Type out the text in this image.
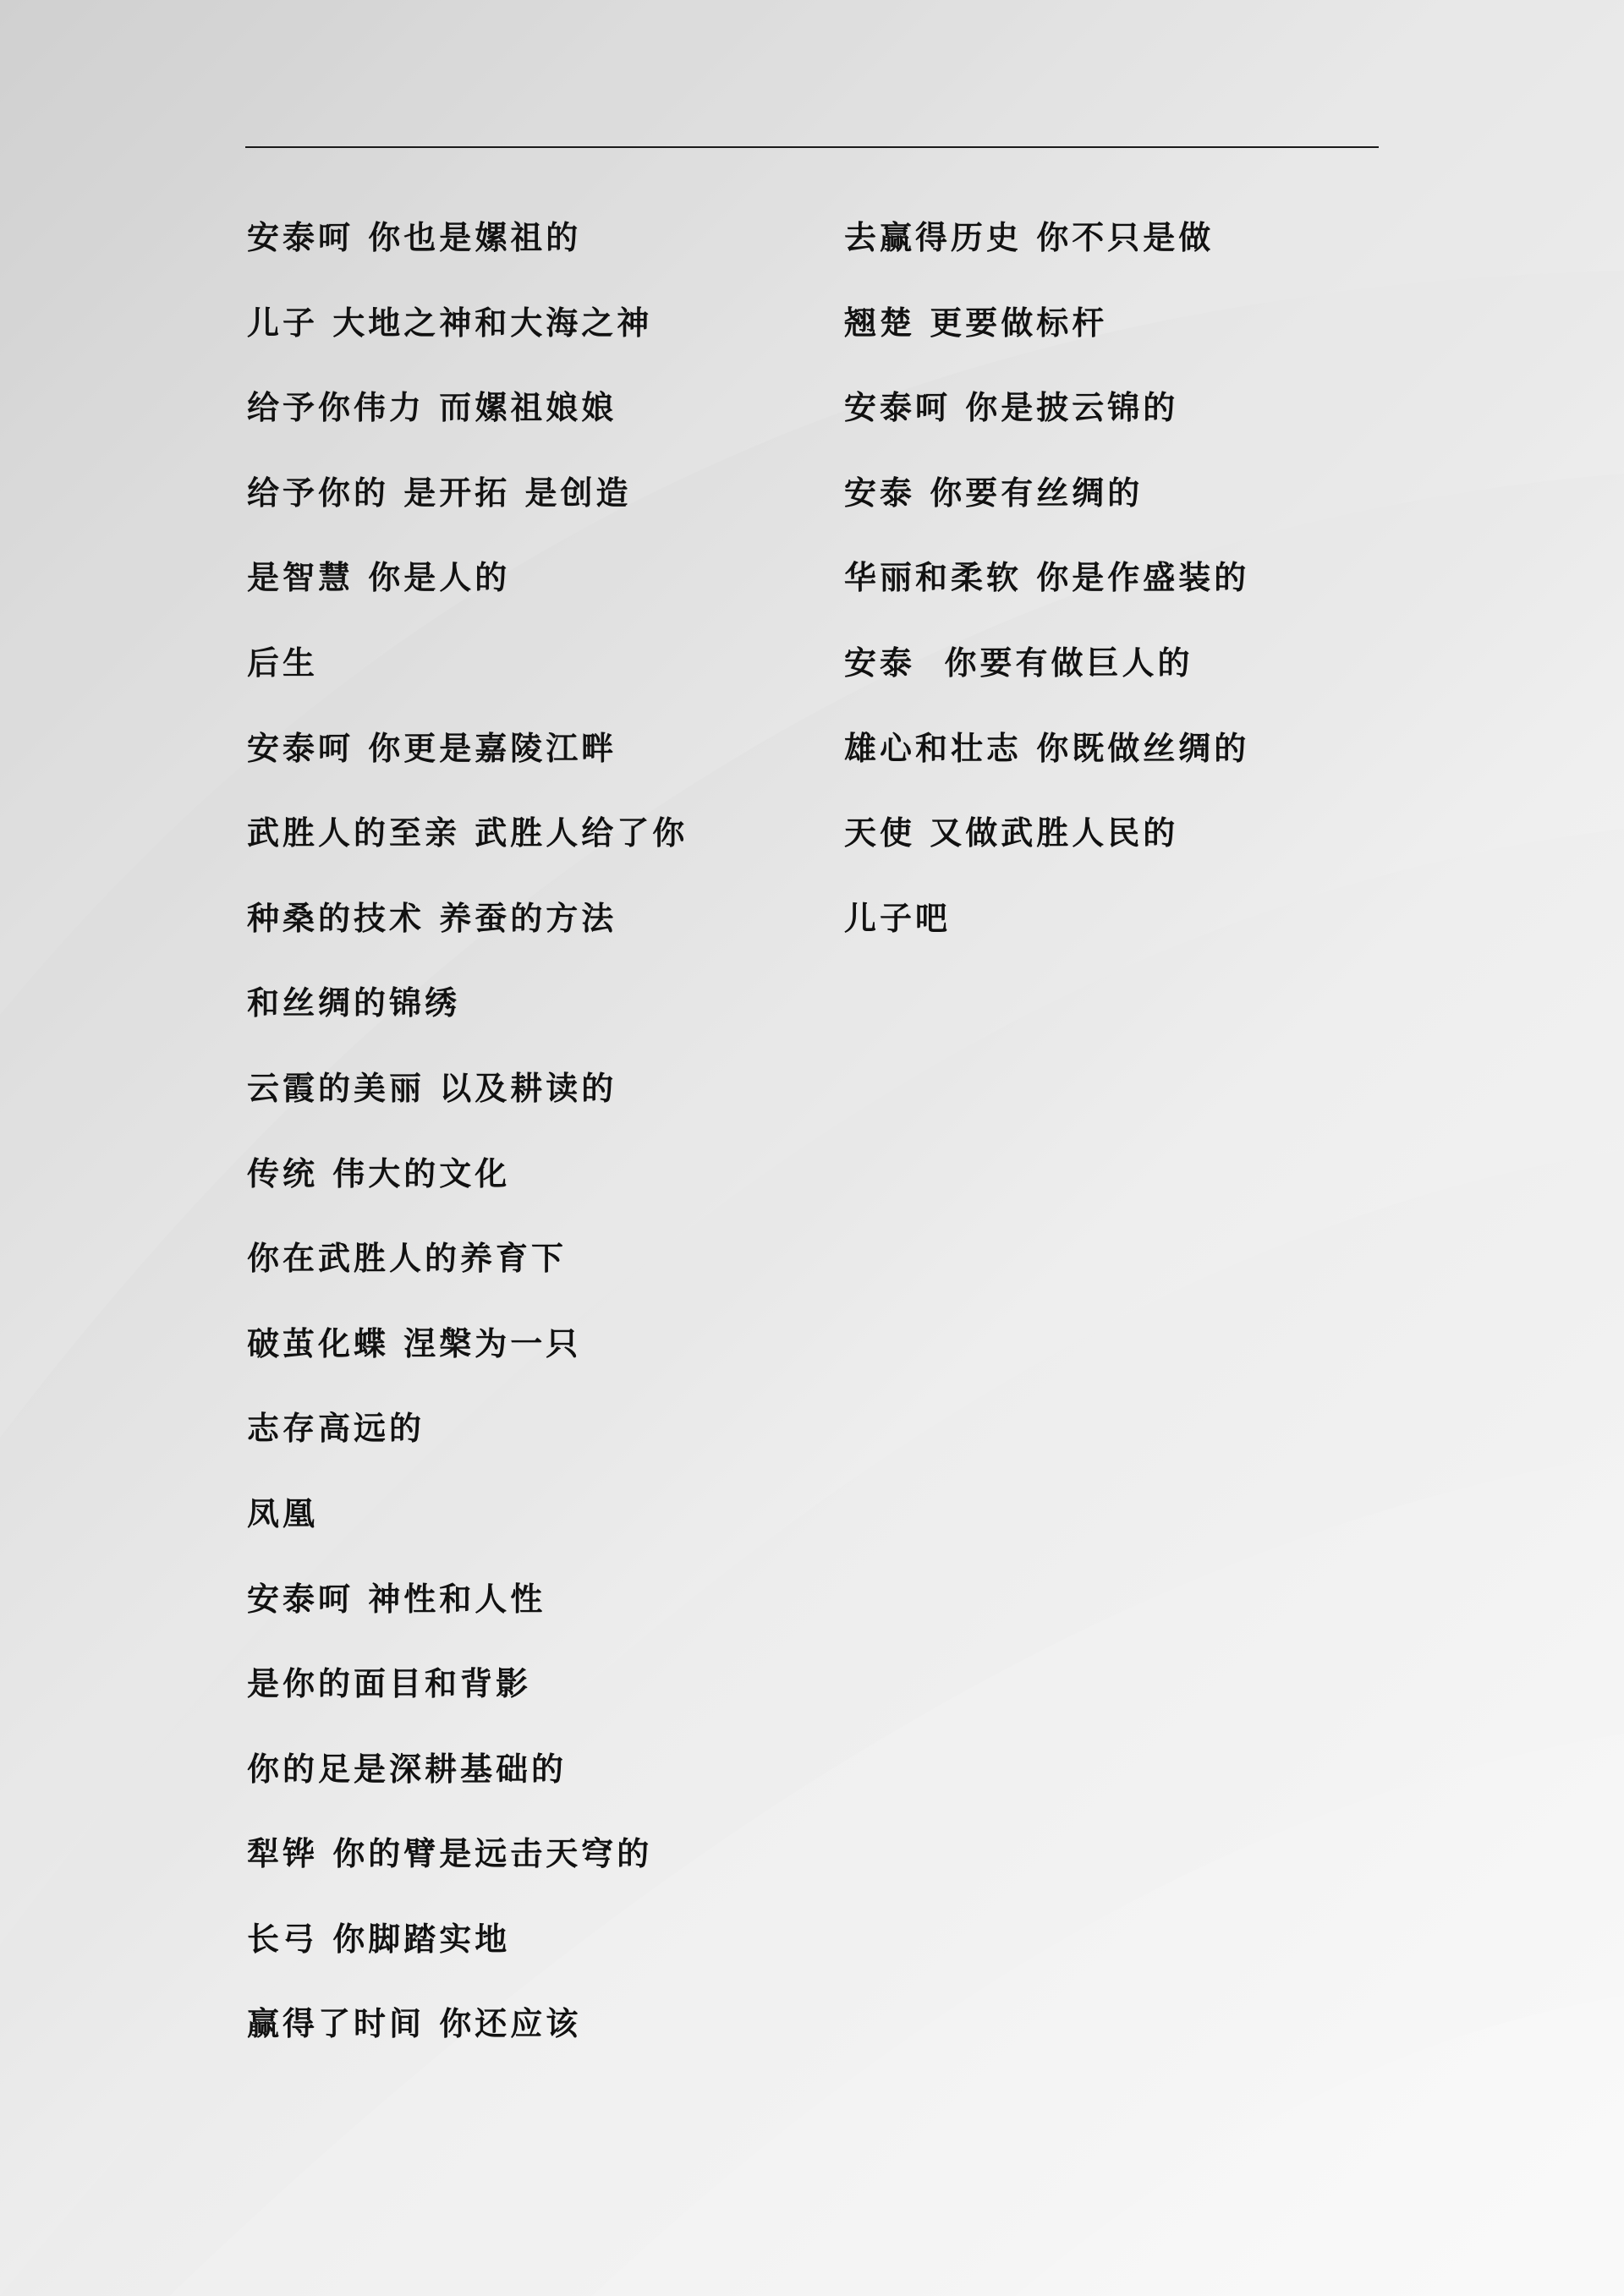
安泰呵 你也是嫘祖的
儿子 大地之神和大海之神
给予你伟力 而嫘祖娘娘
给予你的 是开拓 是创造
是智慧 你是人的
后生
安泰呵 你更是嘉陵江畔
武胜人的至亲 武胜人给了你
种桑的技术 养蚕的方法
和丝绸的锦绣
云霞的美丽 以及耕读的
传统 伟大的文化
你在武胜人的养育下
破茧化蝶 涅槃为一只
志存高远的
凤凰
安泰呵 神性和人性
是你的面目和背影
你的足是深耕基础的
犁铧 你的臂是远击天穹的
长弓 你脚踏实地
赢得了时间 你还应该
去赢得历史 你不只是做
翘楚 更要做标杆
安泰呵 你是披云锦的
安泰 你要有丝绸的
华丽和柔软 你是作盛装的
安泰  你要有做巨人的
雄心和壮志 你既做丝绸的
天使 又做武胜人民的
儿子吧
